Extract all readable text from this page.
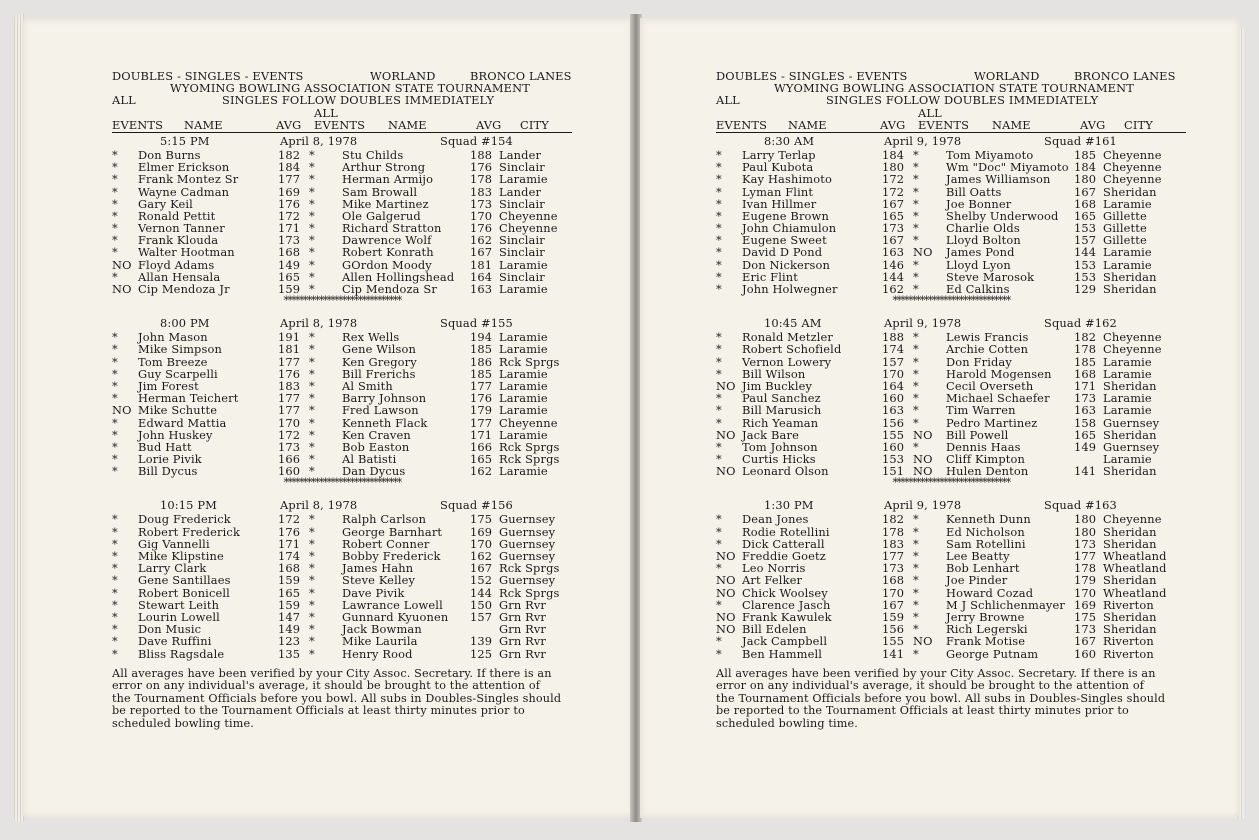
DOUBLES - SINGLES - EVENTS	WORLAND	BRONCO LANES
WYOMING BOWLING ASSOCIATION STATE TOURNAMENT
SINGLES FOLLOW DOUBLES IMMEDIATELY
ALL
ALL
EVENTS NAME	AVG EVENTS NAME	AVG CITY
5:15 PM	April 8, 1978	Squad #154
* Don Burns	182 * Stu Childs	188 Lander
* Elmer Erickson	184 * Arthur Strong	176 Sinclair
* Frank Montez Sr	177 * Herman Armijo	178 Laramie
* Wayne Cadman	169 * Sam Browall	183 Lander
* Gary Keil	176 * Mike Martinez	173 Sinclair
* Ronald Pettit	172 * Ole Galgerud	170 Cheyenne
* Vernon Tanner	171 * Richard Stratton	176 Cheyenne
* Frank Klouda	173 * Dawrence Wolf	162 Sinclair
* Walter Hootman	168 * Robert Konrath	167 Sinclair
NO Floyd Adams	149 * GOrdon Moody	181 Laramie
* Allan Hensala	165 * Allen Hollingshead 164 Sinclair
NO Cip Mendoza Jr	159 * Cip Mendoza Sr	163 Laramie
******************************
8:00 PM	April 8, 1978	Squad #155
* John Mason	191 * Rex Wells	194 Laramie
* Mike Simpson	181 * Gene Wilson	185 Laramie
* Tom Breeze	177 * Ken Gregory	186 Rck Sprgs
* Guy Scarpelli	176 * Bill Frerichs	185 Laramie
* Jim Forest	183 * Al Smith	177 Laramie
* Herman Teichert	177 * Barry Johnson	176 Laramie
NO Mike Schutte	177 * Fred Lawson	179 Laramie
* Edward Mattia	170 * Kenneth Flack	177 Cheyenne
* John Huskey	172 * Ken Craven	171 Laramie
* Bud Hatt	173 * Bob Easton	166 Rck Sprgs
* Lorie Pivik	166 * Al Batisti	165 Rck Sprgs
* Bill Dycus	160 * Dan Dycus	162 Laramie
******************************
10:15 PM	April 8, 1978	Squad #156
* Doug Frederick	172 * Ralph Carlson	175 Guernsey
* Robert Frederick	176 * George Barnhart 169 Guernsey
* Gig Vannelli	171 * Robert Conner	170 Guernsey
* Mike Klipstine	174 * Bobby Frederick	162 Guernsey
* Larry Clark	168 * James Hahn	167 Rck Sprgs
* Gene Santillaes	159 * Steve Kelley	152 Guernsey
* Robert Bonicell	165 * Dave Pivik	144 Rck Sprgs
* Stewart Leith	159 * Lawrance Lowell 150 Grn Rvr
* Lourin Lowell	147 * Gunnard Kyuonen 157 Grn Rvr
* Don Music	149 * Jack Bowman	Grn Rvr
* Dave Ruffini	123 * Mike Laurila	139 Grn Rvr
* Bliss Ragsdale	135 * Henry Rood	125 Grn Rvr
All averages have been verified by your City Assoc. Secretary. If there is an error on any individual's average, it should be brought to the attention of the Tournament Officials before you bowl. All subs in Doubles-Singles should be reported to the Tournament Officials at least thirty minutes prior to scheduled bowling time.
DOUBLES - SINGLES - EVENTS	WORLAND	BRONCO LANES
WYOMING BOWLING ASSOCIATION STATE TOURNAMENT
SINGLES FOLLOW DOUBLES IMMEDIATELY
ALL
ALL
EVENTS NAME	AVG EVENTS NAME	AVG CITY
8:30 AM	April 9, 1978	Squad #161
* Larry Terlap	184 * Tom Miyamoto	185 Cheyenne
* Paul Kubota	180 * Wm "Doc" Miyamoto 184 Cheyenne
* Kay Hashimoto	172 * James Williamson 180 Cheyenne
* Lyman Flint	172 * Bill Oatts	167 Sheridan
* Ivan Hillmer	167 * Joe Bonner	168 Laramie
* Eugene Brown	165 * Shelby Underwood 165 Gillette
* John Chiamulon	173 * Charlie Olds	153 Gillette
* Eugene Sweet	167 * Lloyd Bolton	157 Gillette
* David D Pond	163 NO James Pond	144 Laramie
* Don Nickerson	146 * Lloyd Lyon	153 Laramie
* Eric Flint	144 * Steve Marosok	153 Sheridan
* John Holwegner	162 * Ed Calkins	129 Sheridan
******************************
10:45 AM	April 9, 1978	Squad #162
* Ronald Metzler	188 * Lewis Francis	182 Cheyenne
* Robert Schofield	174 * Archie Cotten	178 Cheyenne
* Vernon Lowery	157 * Don Friday	185 Laramie
* Bill Wilson	170 * Harold Mogensen 168 Laramie
NO Jim Buckley	164 * Cecil Overseth	171 Sheridan
* Paul Sanchez	160 * Michael Schaefer 173 Laramie
* Bill Marusich	163 * Tim Warren	163 Laramie
* Rich Yeaman	156 * Pedro Martinez	158 Guernsey
NO Jack Bare	155 NO Bill Powell	165 Sheridan
* Tom Johnson	160 * Dennis Haas	149 Guernsey
* Curtis Hicks	153 NO Cliff Kimpton	Laramie
NO Leonard Olson	151 NO Hulen Denton	141 Sheridan
******************************
1:30 PM	April 9, 1978	Squad #163
* Dean Jones	182 * Kenneth Dunn	180 Cheyenne
* Rodie Rotellini	178 * Ed Nicholson	180 Sheridan
* Dick Catterall	183 * Sam Rotellini	173 Sheridan
NO Freddie Goetz	177 * Lee Beatty	177 Wheatland
* Leo Norris	173 * Bob Lenhart	178 Wheatland
NO Art Felker	168 * Joe Pinder	179 Sheridan
NO Chick Woolsey	170 * Howard Cozad	170 Wheatland
* Clarence Jasch	167 * M J Schlichenmayer 169 Riverton
NO Frank Kawulek	159 * Jerry Browne	175 Sheridan
NO Bill Edelen	156 * Rich Legerski	173 Sheridan
* Jack Campbell	155 NO Frank Motise	167 Riverton
* Ben Hammell	141 * George Putnam	160 Riverton
All averages have been verified by your City Assoc. Secretary. If there is an error on any individual's average, it should be brought to the attention of the Tournament Officials before you bowl. All subs in Doubles-Singles should be reported to the Tournament Officials at least thirty minutes prior to scheduled bowling time.
